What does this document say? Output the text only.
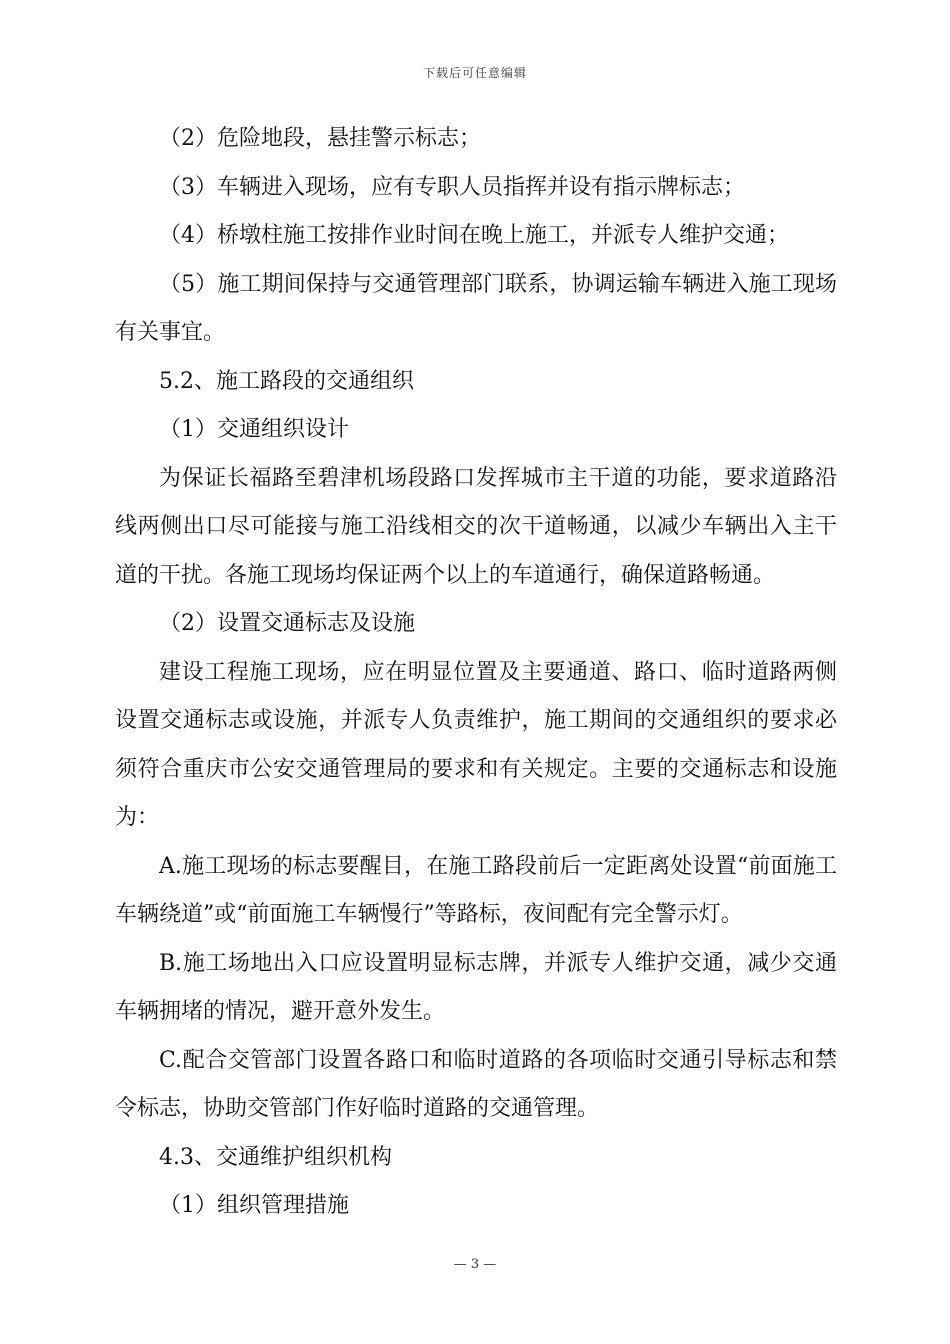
下载后可任意编辑

（2）危险地段，悬挂警示标志；

（3）车辆进入现场，应有专职人员指挥并设有指示牌标志；

（4）桥墩柱施工按排作业时间在晚上施工，并派专人维护交通；

（5）施工期间保持与交通管理部门联系，协调运输车辆进入施工现场有关事宜。

5.2、施工路段的交通组织

（1）交通组织设计

为保证长福路至碧津机场段路口发挥城市主干道的功能，要求道路沿线两侧出口尽可能接与施工沿线相交的次干道畅通，以减少车辆出入主干道的干扰。各施工现场均保证两个以上的车道通行，确保道路畅通。

（2）设置交通标志及设施

建设工程施工现场，应在明显位置及主要通道、路口、临时道路两侧设置交通标志或设施，并派专人负责维护，施工期间的交通组织的要求必须符合重庆市公安交通管理局的要求和有关规定。主要的交通标志和设施为：

A.施工现场的标志要醒目，在施工路段前后一定距离处设置“前面施工车辆绕道”或“前面施工车辆慢行”等路标，夜间配有完全警示灯。

B.施工场地出入口应设置明显标志牌，并派专人维护交通，减少交通车辆拥堵的情况，避开意外发生。

C.配合交管部门设置各路口和临时道路的各项临时交通引导标志和禁令标志，协助交管部门作好临时道路的交通管理。

4.3、交通维护组织机构

（1）组织管理措施

— 3 —
